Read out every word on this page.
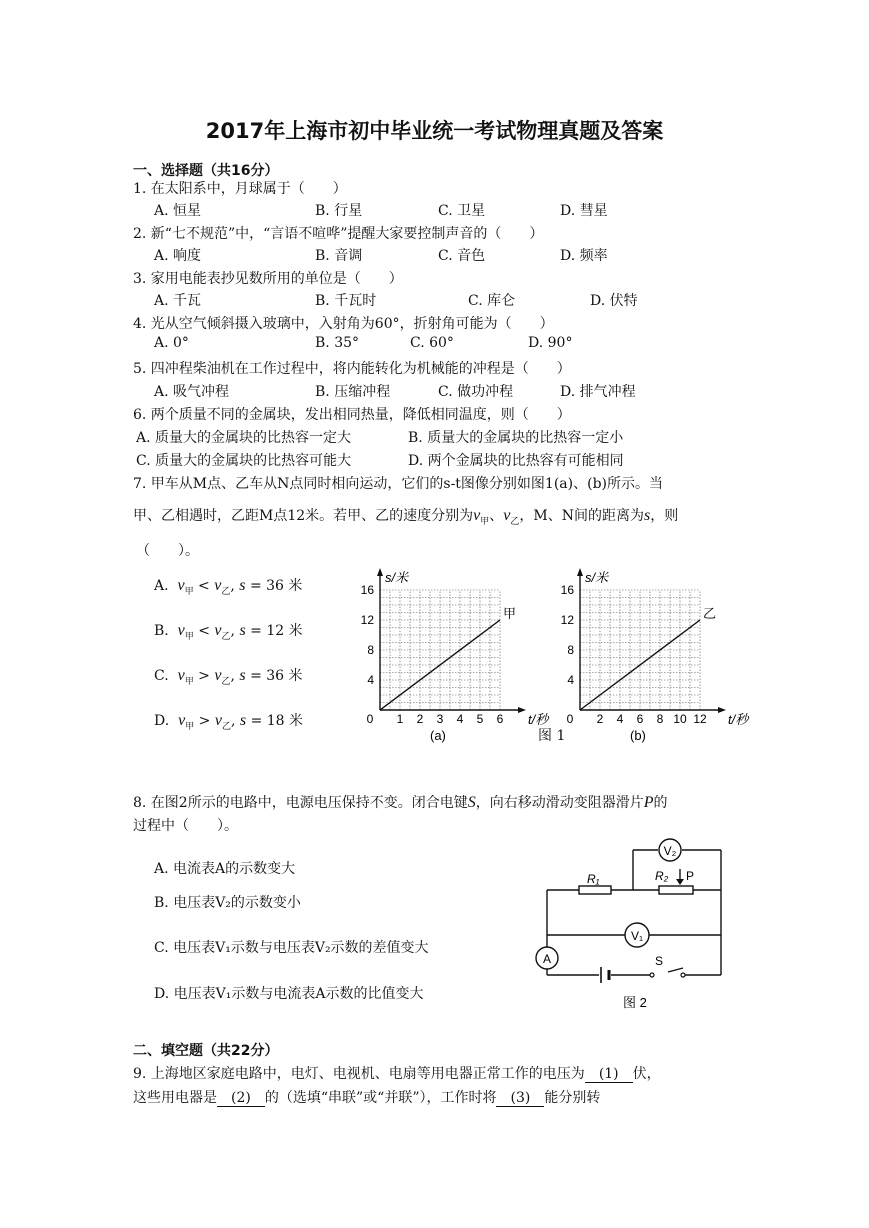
2017年上海市初中毕业统一考试物理真题及答案
一、选择题（共16分）
1. 在太阳系中，月球属于（　　）
A. 恒星	B. 行星	C. 卫星	D. 彗星
2. 新“七不规范”中，“言语不喧哗”提醒大家要控制声音的（　　）
A. 响度	B. 音调	C. 音色	D. 频率
3. 家用电能表抄见数所用的单位是（　　）
A. 千瓦	B. 千瓦时	C. 库仑	D. 伏特
4. 光从空气倾斜摄入玻璃中，入射角为60°，折射角可能为（　　）
A. 0°	B. 35°	C. 60°	D. 90°
5. 四冲程柴油机在工作过程中，将内能转化为机械能的冲程是（　　）
A. 吸气冲程	B. 压缩冲程	C. 做功冲程	D. 排气冲程
6. 两个质量不同的金属块，发出相同热量，降低相同温度，则（　　）
A. 质量大的金属块的比热容一定大	B. 质量大的金属块的比热容一定小
C. 质量大的金属块的比热容可能大	D. 两个金属块的比热容有可能相同
7. 甲车从M点、乙车从N点同时相向运动，它们的s-t图像分别如图1(a)、(b)所示。当
甲、乙相遇时，乙距M点12米。若甲、乙的速度分别为$v_甲$、$v_乙$，M、N间的距离为s，则
（　　）。
A. $v_甲 < v_乙$, s = 36 米
B. $v_甲 < v_乙$, s = 12 米
C. $v_甲 > v_乙$, s = 36 米
D. $v_甲 > v_乙$, s = 18 米	0 1 2 3 4 5 6
4
8
12
16
甲
s/米
t/秒
(a)
0 2 4 6 8 10 12
4
8
12
16
乙
s/米
t/秒
(b)
图 1
8. 在图2所示的电路中，电源电压保持不变。闭合电键S，向右移动滑动变阻器滑片P的
过程中（　　）。
A. 电流表A的示数变大
B. 电压表V₂的示数变小
C. 电压表V₁示数与电压表V₂示数的差值变大
D. 电压表V₁示数与电流表A示数的比值变大
V₂
V₁
A
R₁	R₂ P
S
图 2
二、填空题（共22分）
9. 上海地区家庭电路中，电灯、电视机、电扇等用电器正常工作的电压为 (1) 伏，
这些用电器是 (2) 的（选填“串联”或“并联”），工作时将 (3) 能分别转
